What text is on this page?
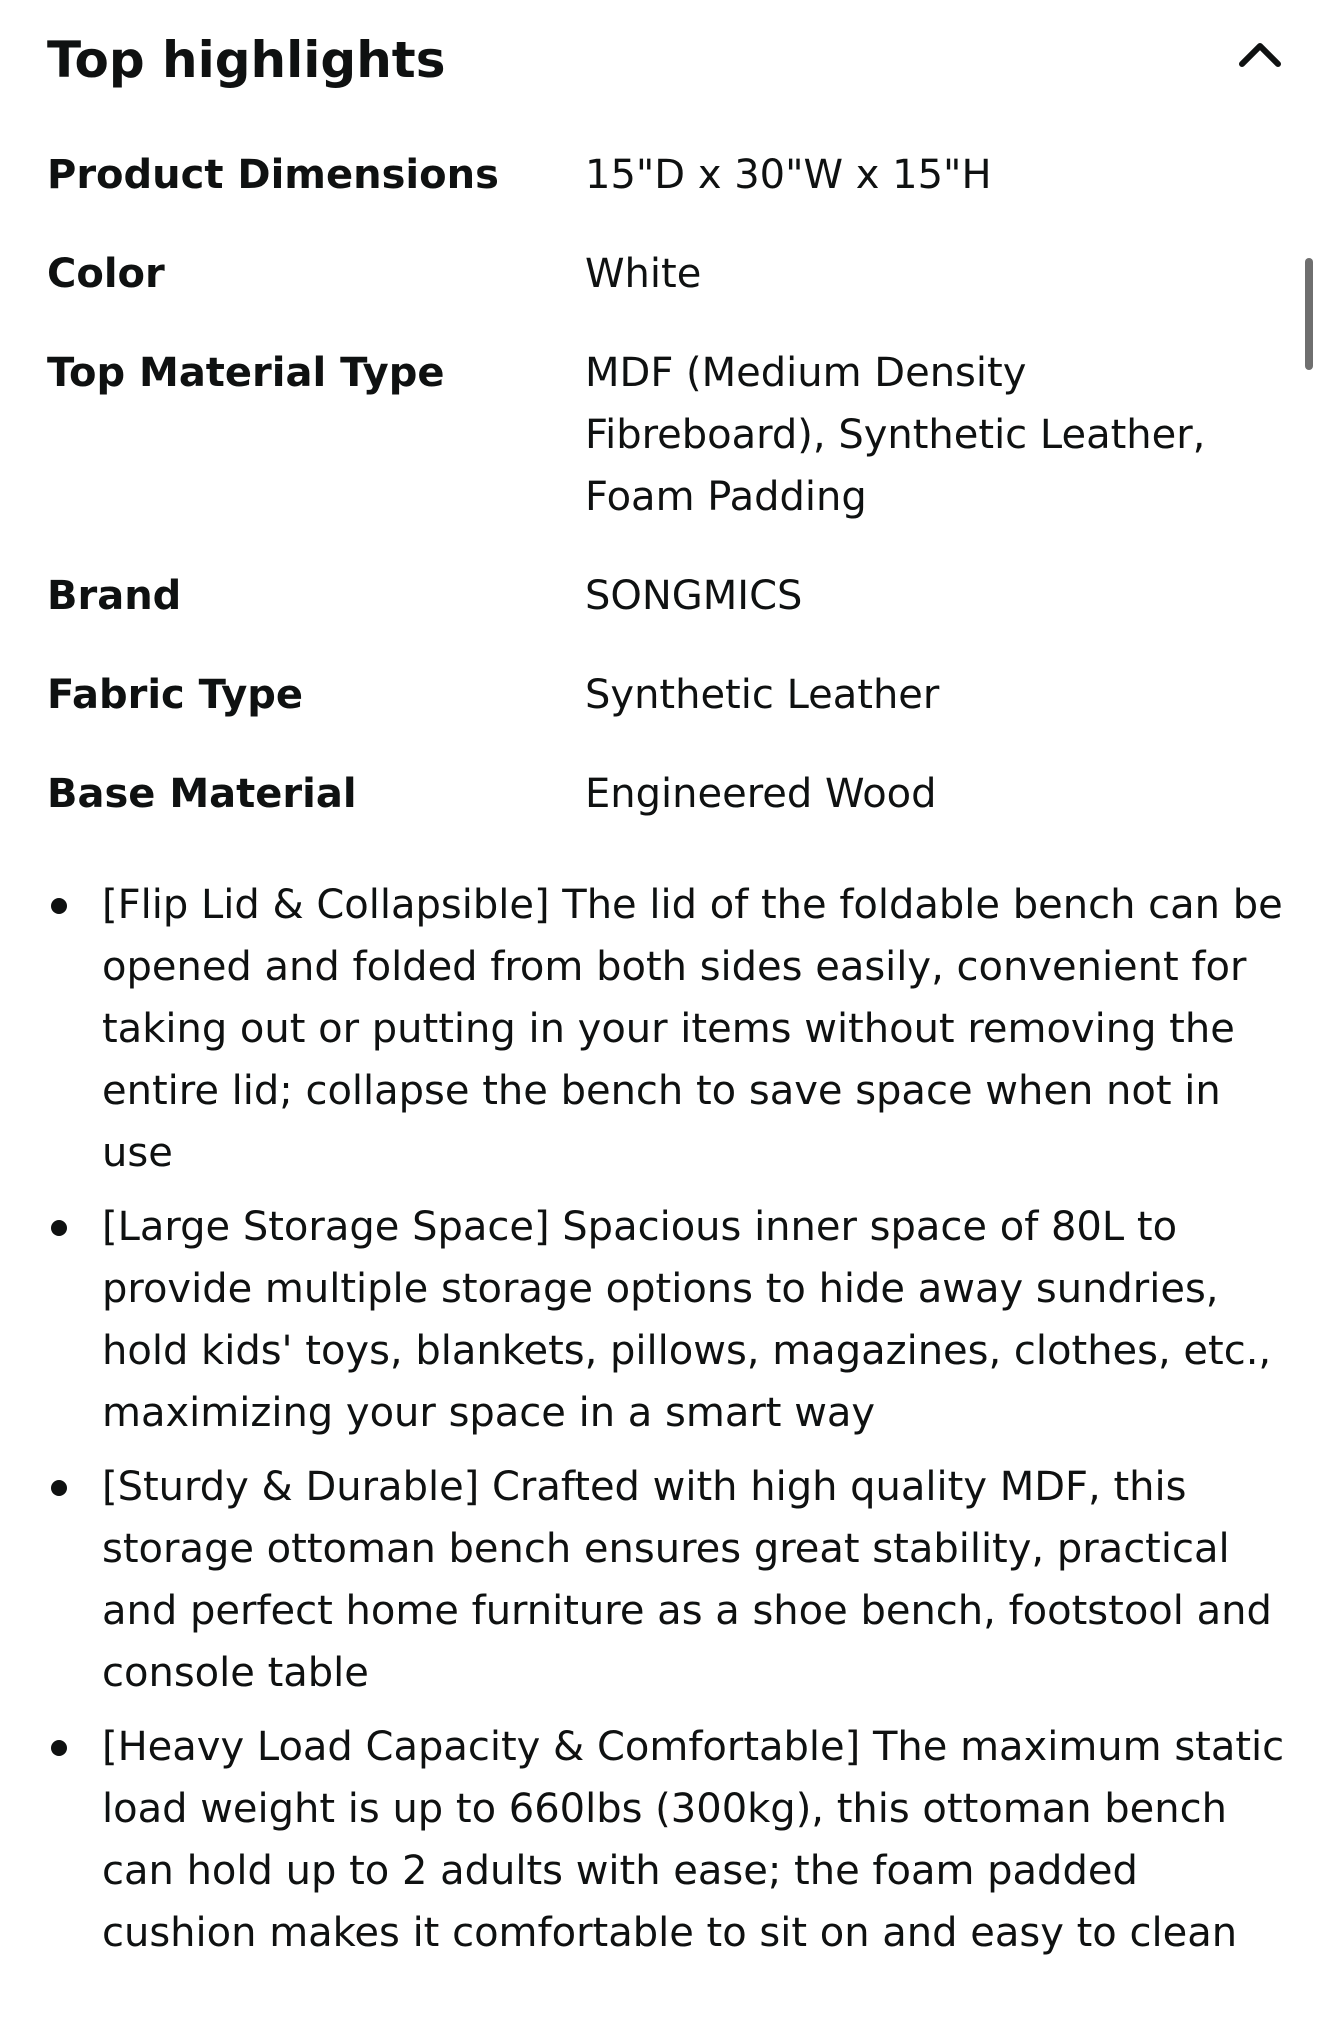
Top highlights
Product Dimensions	15"D x 30"W x 15"H
Color	White
Top Material Type	MDF (Medium Density Fibreboard), Synthetic Leather, Foam Padding
Brand	SONGMICS
Fabric Type	Synthetic Leather
Base Material	Engineered Wood
[Flip Lid & Collapsible] The lid of the foldable bench can be opened and folded from both sides easily, convenient for taking out or putting in your items without removing the entire lid; collapse the bench to save space when not in use
[Large Storage Space] Spacious inner space of 80L to provide multiple storage options to hide away sundries, hold kids' toys, blankets, pillows, magazines, clothes, etc., maximizing your space in a smart way
[Sturdy & Durable] Crafted with high quality MDF, this storage ottoman bench ensures great stability, practical and perfect home furniture as a shoe bench, footstool and console table
[Heavy Load Capacity & Comfortable] The maximum static load weight is up to 660lbs (300kg), this ottoman bench can hold up to 2 adults with ease; the foam padded cushion makes it comfortable to sit on and easy to clean
